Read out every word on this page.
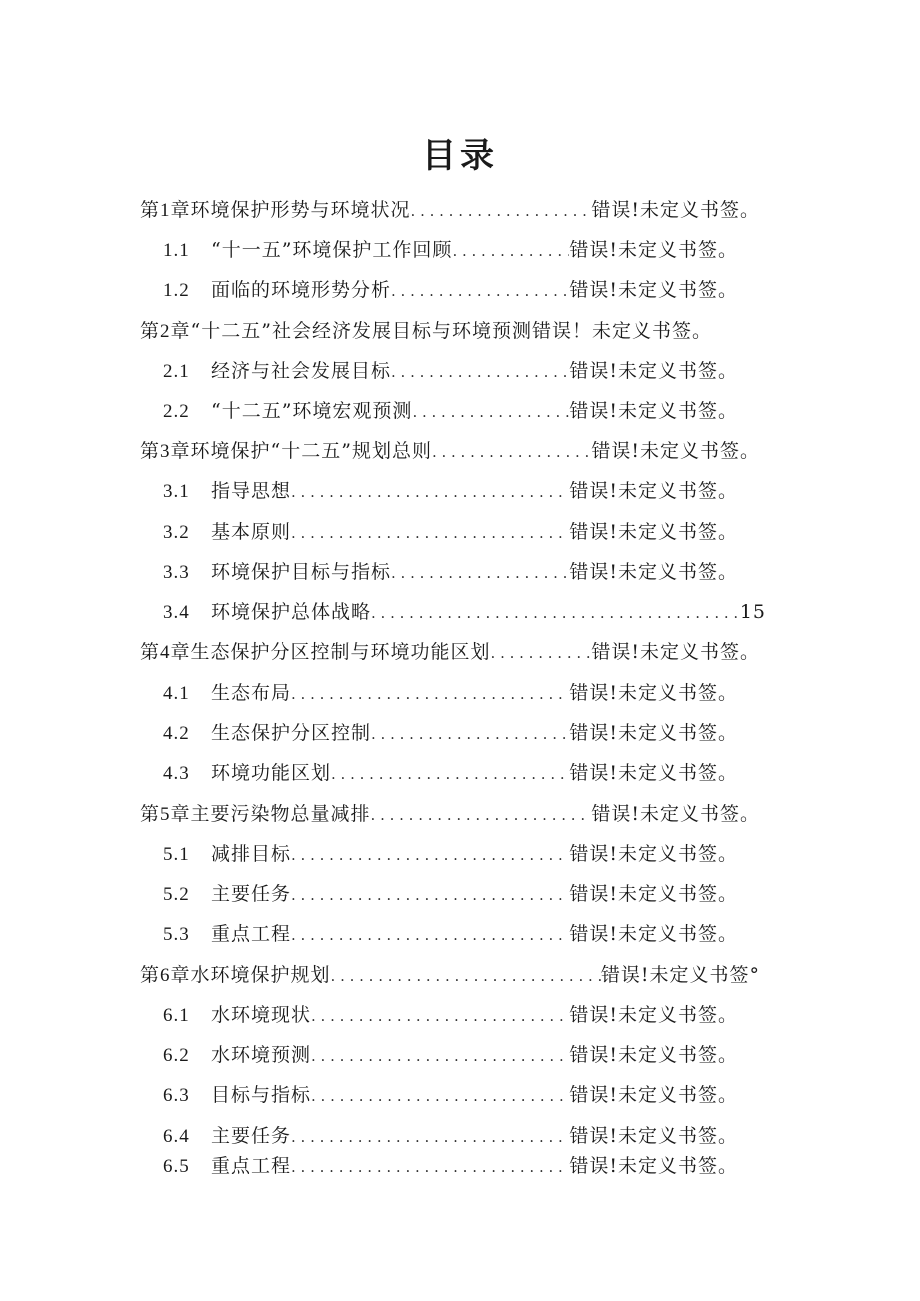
目录
第1章 环境保护形势与环境状况 . . .	错误!未定义书签。
1.1	“十一五”环境保护工作回顾 . . .	错误!未定义书签。
1.2	面临的环境形势分析 . . .	错误!未定义书签。
第2章 “十二五”社会经济发展目标与环境预测 错误！未定义书签。
2.1	经济与社会发展目标 . . .	错误!未定义书签。
2.2	“十二五”环境宏观预测 . . .	错误!未定义书签。
第3章 环境保护“十二五”规划总则 . . .	错误!未定义书签。
3.1	指导思想 . . .	错误!未定义书签。
3.2	基本原则 . . .	错误!未定义书签。
3.3	环境保护目标与指标 . . .	错误!未定义书签。
3.4	环境保护总体战略 . . .	15
第4章 生态保护分区控制与环境功能区划 . . .	错误!未定义书签。
4.1	生态布局 . . .	错误!未定义书签。
4.2	生态保护分区控制 . . .	错误!未定义书签。
4.3	环境功能区划 . . .	错误!未定义书签。
第5章 主要污染物总量减排 . . .	错误!未定义书签。
5.1	减排目标 . . .	错误!未定义书签。
5.2	主要任务 . . .	错误!未定义书签。
5.3	重点工程 . . .	错误!未定义书签。
第6章 水环境保护规划 . . .	错误!未定义书签°
6.1	水环境现状 . . .	错误!未定义书签。
6.2	水环境预测 . . .	错误!未定义书签。
6.3	目标与指标 . . .	错误!未定义书签。
6.4	主要任务 . . .	错误!未定义书签。
6.5	重点工程 . . .	错误!未定义书签。
